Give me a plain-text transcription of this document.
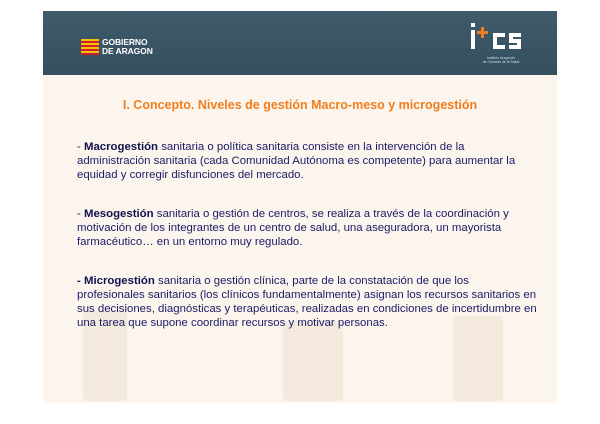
GOBIERNO
DE ARAGON
Instituto Aragonés
de Ciencias de la Salud
I. Concepto. Niveles de gestión Macro-meso y microgestión
- Macrogestión sanitaria o política sanitaria consiste en la intervención de la administración sanitaria (cada Comunidad Autónoma es competente) para aumentar la equidad y corregir disfunciones del mercado.
- Mesogestión sanitaria o gestión de centros, se realiza a través de la coordinación y motivación de los integrantes de un centro de salud, una aseguradora, un mayorista farmacéutico… en un entorno muy regulado.
- Microgestión sanitaria o gestión clínica, parte de la constatación de que los profesionales sanitarios (los clínicos fundamentalmente) asignan los recursos sanitarios en sus decisiones, diagnósticas y terapéuticas, realizadas en condiciones de incertidumbre en una tarea que supone coordinar recursos y motivar personas.
